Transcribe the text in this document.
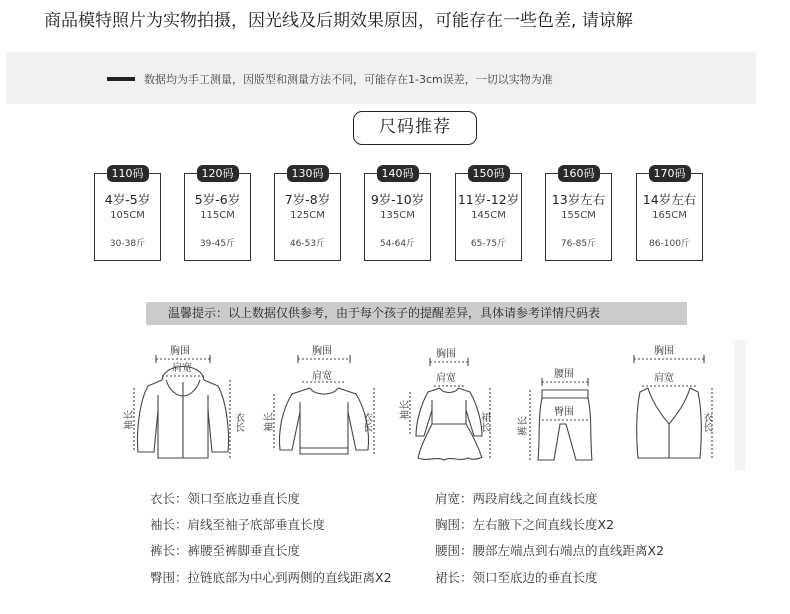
商品模特照片为实物拍摄，因光线及后期效果原因，可能存在一些色差, 请谅解
数据均为手工测量，因版型和测量方法不同，可能存在1-3cm误差，一切以实物为准
尺码推荐
110码
4岁-5岁
105CM
30-38斤
120码
5岁-6岁
115CM
39-45斤
130码
7岁-8岁
125CM
46-53斤
140码
9岁-10岁
135CM
54-64斤
150码
11岁-12岁
145CM
65-75斤
160码
13岁左右
155CM
76-85斤
170码
14岁左右
165CM
86-100斤
温馨提示：以上数据仅供参考，由于每个孩子的提醒差异，具体请参考详情尺码表
胸围
肩宽
袖长	衣长
胸围
肩宽
袖长	衣长
胸围
肩宽
袖长
裙长
腰围
臀围
裤长
胸围
肩宽
衣长
衣长：领口至底边垂直长度
袖长：肩线至袖子底部垂直长度
裤长：裤腰至裤脚垂直长度
臀围：拉链底部为中心到两侧的直线距离X2
肩宽：两段肩线之间直线长度
胸围：左右腋下之间直线长度X2
腰围：腰部左端点到右端点的直线距离X2
裙长：领口至底边的垂直长度
